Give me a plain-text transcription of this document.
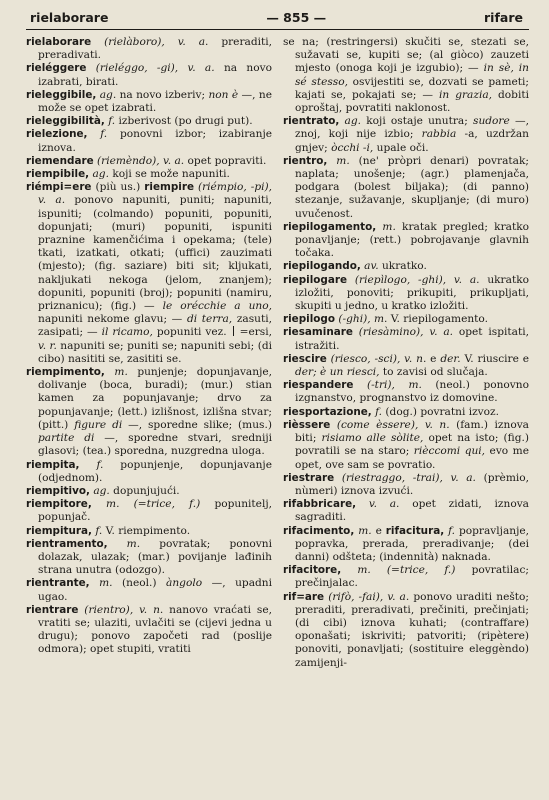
rielaborare	— 855 —	rifare

rielaborare (rielàboro), v. a. preraditi, preradivati.

rieléggere (rieléggo, -gi), v. a. na novo izabrati, birati.

rieleggibile, ag. na novo izberiv; non è —, ne može se opet izabrati.

rieleggibilità, f. izberivost (po drugi put).

rielezione, f. ponovni izbor; izabiranje iznova.

riemendare (riemèndo), v. a. opet popraviti.

riempibile, ag. koji se može napuniti.

riémpi=ere (più us.) riempire (riémpio, -pi), v. a. ponovo napuniti, puniti; napuniti, ispuniti; (colmando) popuniti, popuniti, dopunjati; (muri) popuniti, ispuniti praznine kamenčićima i opekama; (tele) tkati, izatkati, otkati; (uffici) zauzimati (mjesto); (fig. saziare) biti sit; kljukati, nakljukati nekoga (jelom, znanjem); dopuniti, popuniti (broj); popuniti (namiru, priznanicu); (fig.) — le orécchie a uno, napuniti nekome glavu; — di terra, zasuti, zasipati; — il ricamo, popuniti vez.  =ersi, v. r. napuniti se; puniti se; napuniti sebi; (di cibo) nasititi se, zasititi se.

riempimento, m. punjenje; dopunjavanje, dolivanje (boca, buradi); (mur.) stian kamen za popunjavanje; drvo za popunjavanje; (lett.) izlišnost, izlišna stvar; (pitt.) figure di —, sporedne slike; (mus.) partite di —, sporedne stvari, sredniji glasovi; (tea.) sporedna, nuzgredna uloga.

riempita, f. popunjenje, dopunjavanje (odjednom).

riempitivo, ag. dopunjujući.

riempitore, m. (=trice, f.) popunitelj, popunjač.

riempitura, f. V. riempimento.

rientramento, m. povratak; ponovni dolazak, ulazak; (mar.) povijanje lađinih strana unutra (odozgo).

rientrante, m. (neol.) àngolo —, upadni ugao.

rientrare (rientro), v. n. nanovo vraćati se, vratiti se; ulaziti, uvlačiti se (cijevi jedna u drugu); ponovo započeti rad (poslije odmora); opet stupiti, vratiti

se na; (restringersi) skučiti se, stezati se, sužavati se, kupiti se; (al giòco) zauzeti mjesto (onoga koji je izgubio); — in sè, in sé stesso, osvijestiti se, dozvati se pameti; kajati se, pokajati se; — in grazia, dobiti oproštaj, povratiti naklonost.

rientrato, ag. koji ostaje unutra; sudore —, znoj, koji nije izbio; rabbia -a, uzdržan gnjev; òcchi -i, upale oči.

rientro, m. (ne' pròpri denari) povratak; naplata; unošenje; (agr.) plamenjača, podgara (bolest biljaka); (di panno) stezanje, sužavanje, skupljanje; (di muro) uvučenost.

riepilogamento, m. kratak pregled; kratko ponavljanje; (rett.) pobrojavanje glavnih točaka.

riepilogando, av. ukratko.

riepilogare (riepìlogo, -ghi), v. a. ukratko izložiti, ponoviti; prikupiti, prikupljati, skupiti u jedno, u kratko izložiti.

riepilogo (-ghi), m. V. riepilogamento.

riesaminare (riesàmino), v. a. opet ispitati, istražiti.

riescire (riesco, -sci), v. n. e der. V. riuscire e der; è un riesci, to zavisi od slučaja.

riespandere (-tri), m. (neol.) ponovno izgnanstvo, prognanstvo iz domovine.

riesportazione, f. (dog.) povratni izvoz.

rièssere (come èssere), v. n. (fam.) iznova biti; risiamo alle sòlite, opet na isto; (fig.) povratili se na staro; rièccomi qui, evo me opet, ove sam se povratio.

riestrare (riestraggo, -trai), v. a. (prèmio, nùmeri) iznova izvući.

rifabbricare, v. a. opet zidati, iznova sagraditi.

rifacimento, m. e rifacitura, f. popravljanje, popravka, prerada, preradivanje; (dei danni) odšteta; (indennità) naknada.

rifacitore, m. (=trice, f.) povratilac; prečinjalac.

rif=are (rifò, -fai), v. a. ponovo uraditi nešto; preraditi, preradivati, prečiniti, prečinjati; (di cibi) iznova kuhati; (contraffare) oponašati; iskriviti; patvoriti; (ripètere) ponoviti, ponavljati; (sostituire eleggèndo) zamijenji-
